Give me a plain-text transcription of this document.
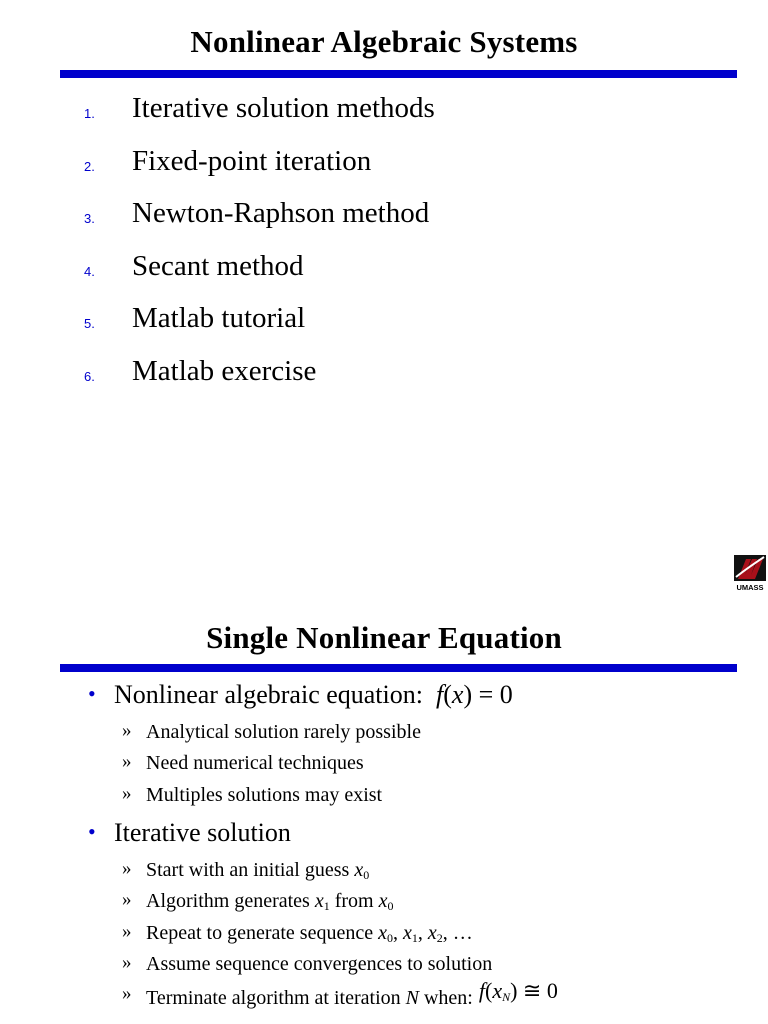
Nonlinear Algebraic Systems
1. Iterative solution methods
2. Fixed-point iteration
3. Newton-Raphson method
4. Secant method
5. Matlab tutorial
6. Matlab exercise
UMASS
Single Nonlinear Equation
• Nonlinear algebraic equation: f(x) = 0
» Analytical solution rarely possible
» Need numerical techniques
» Multiples solutions may exist
• Iterative solution
» Start with an initial guess $x_0$
» Algorithm generates $x_1$ from $x_0$
» Repeat to generate sequence $x_0$, $x_1$, $x_2$, …
» Assume sequence convergences to solution
» Terminate algorithm at iteration N when: $f(x_N)$ ≅ 0
